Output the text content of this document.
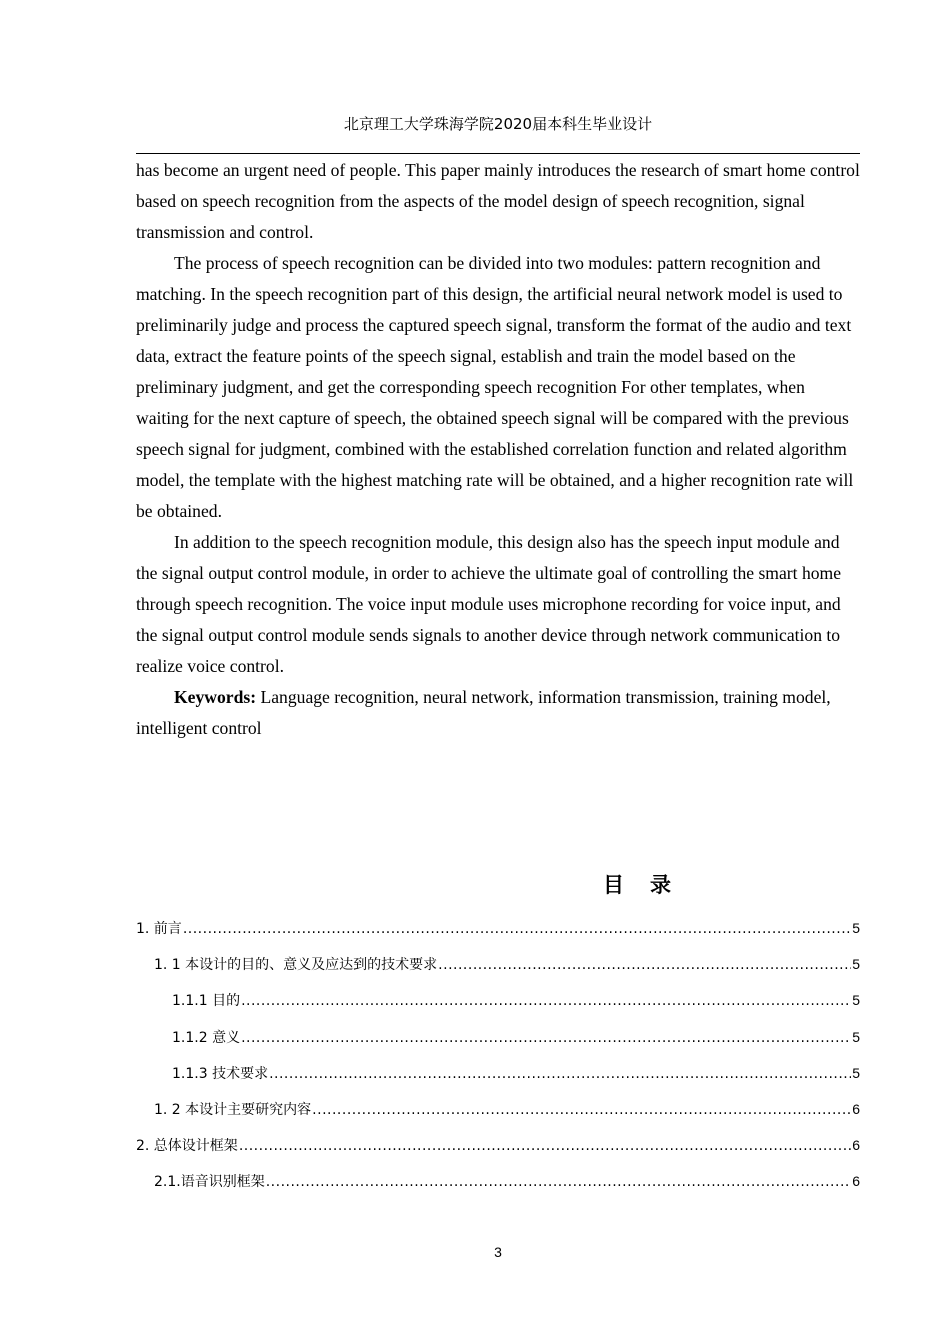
北京理工大学珠海学院2020届本科生毕业设计

has become an urgent need of people. This paper mainly introduces the research of smart home control based on speech recognition from the aspects of the model design of speech recognition, signal transmission and control.

The process of speech recognition can be divided into two modules: pattern recognition and matching. In the speech recognition part of this design, the artificial neural network model is used to preliminarily judge and process the captured speech signal, transform the format of the audio and text data, extract the feature points of the speech signal, establish and train the model based on the preliminary judgment, and get the corresponding speech recognition For other templates, when waiting for the next capture of speech, the obtained speech signal will be compared with the previous speech signal for judgment, combined with the established correlation function and related algorithm model, the template with the highest matching rate will be obtained, and a higher recognition rate will be obtained.

In addition to the speech recognition module, this design also has the speech input module and the signal output control module, in order to achieve the ultimate goal of controlling the smart home through speech recognition. The voice input module uses microphone recording for voice input, and the signal output control module sends signals to another device through network communication to realize voice control.

Keywords: Language recognition, neural network, information transmission, training model, intelligent control

目录
1. 前言 .....	5
1. 1 本设计的目的、意义及应达到的技术要求 .....	5
1.1.1 目的 .....	5
1.1.2 意义 .....	5
1.1.3 技术要求 .....	5
1. 2 本设计主要研究内容 .....	6
2. 总体设计框架 .....	6
2.1.语音识别框架 .....	6
3
